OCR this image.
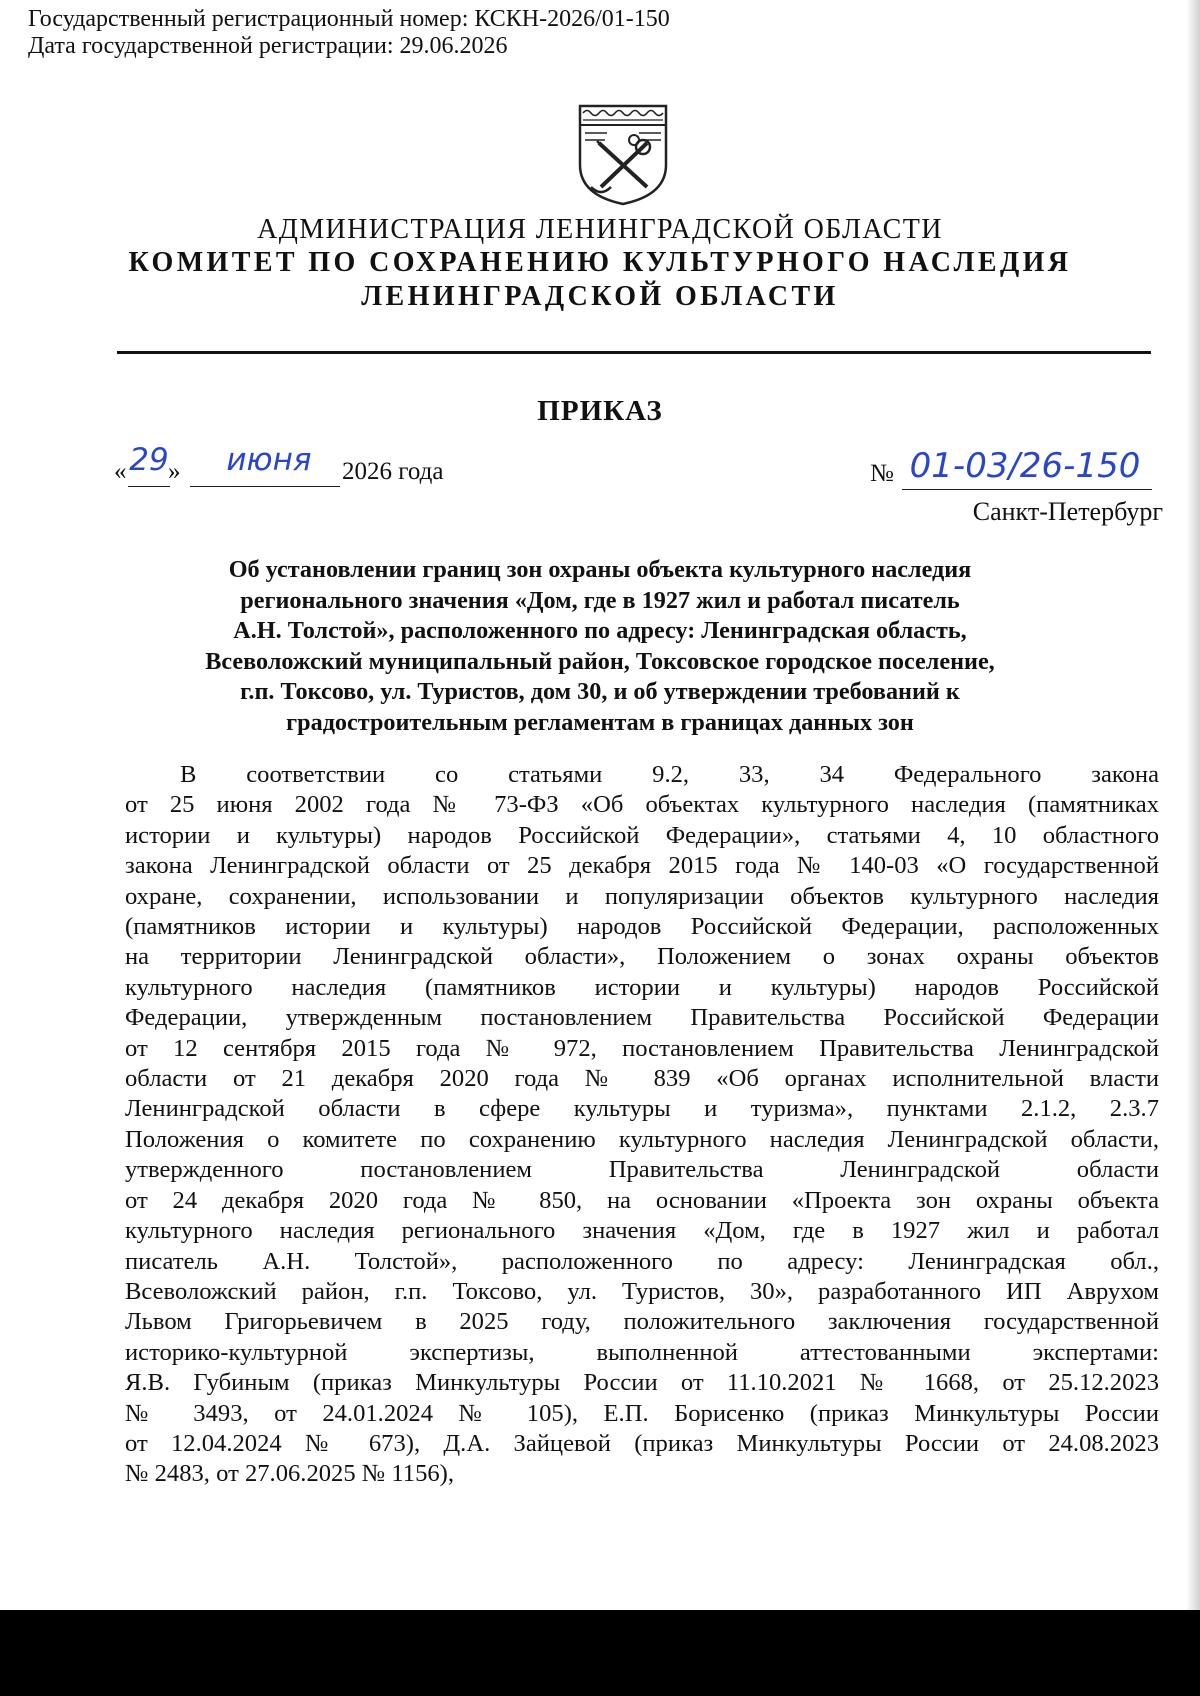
Государственный регистрационный номер: КСКН-2026/01-150
Дата государственной регистрации: 29.06.2026
АДМИНИСТРАЦИЯ ЛЕНИНГРАДСКОЙ ОБЛАСТИ
КОМИТЕТ ПО СОХРАНЕНИЮ КУЛЬТУРНОГО НАСЛЕДИЯ
ЛЕНИНГРАДСКОЙ ОБЛАСТИ
ПРИКАЗ
« 29 »	июня	2026 года	№ 01-03/26-150
Санкт-Петербург
Об установлении границ зон охраны объекта культурного наследия
регионального значения «Дом, где в 1927 жил и работал писатель
А.Н. Толстой», расположенного по адресу: Ленинградская область,
Всеволожский муниципальный район, Токсовское городское поселение,
г.п. Токсово, ул. Туристов, дом 30, и об утверждении требований к
градостроительным регламентам в границах данных зон
В соответствии со статьями 9.2, 33, 34 Федерального закона
от 25 июня 2002 года № 73-ФЗ «Об объектах культурного наследия (памятниках
истории и культуры) народов Российской Федерации», статьями 4, 10 областного
закона Ленинградской области от 25 декабря 2015 года № 140-03 «О государственной
охране, сохранении, использовании и популяризации объектов культурного наследия
(памятников истории и культуры) народов Российской Федерации, расположенных
на территории Ленинградской области», Положением о зонах охраны объектов
культурного наследия (памятников истории и культуры) народов Российской
Федерации, утвержденным постановлением Правительства Российской Федерации
от 12 сентября 2015 года № 972, постановлением Правительства Ленинградской
области от 21 декабря 2020 года № 839 «Об органах исполнительной власти
Ленинградской области в сфере культуры и туризма», пунктами 2.1.2, 2.3.7
Положения о комитете по сохранению культурного наследия Ленинградской области,
утвержденного постановлением Правительства Ленинградской области
от 24 декабря 2020 года № 850, на основании «Проекта зон охраны объекта
культурного наследия регионального значения «Дом, где в 1927 жил и работал
писатель А.Н. Толстой», расположенного по адресу: Ленинградская обл.,
Всеволожский район, г.п. Токсово, ул. Туристов, 30», разработанного ИП Аврухом
Львом Григорьевичем в 2025 году, положительного заключения государственной
историко-культурной экспертизы, выполненной аттестованными экспертами:
Я.В. Губиным (приказ Минкультуры России от 11.10.2021 № 1668, от 25.12.2023
№ 3493, от 24.01.2024 № 105), Е.П. Борисенко (приказ Минкультуры России
от 12.04.2024 № 673), Д.А. Зайцевой (приказ Минкультуры России от 24.08.2023
№ 2483, от 27.06.2025 № 1156),
